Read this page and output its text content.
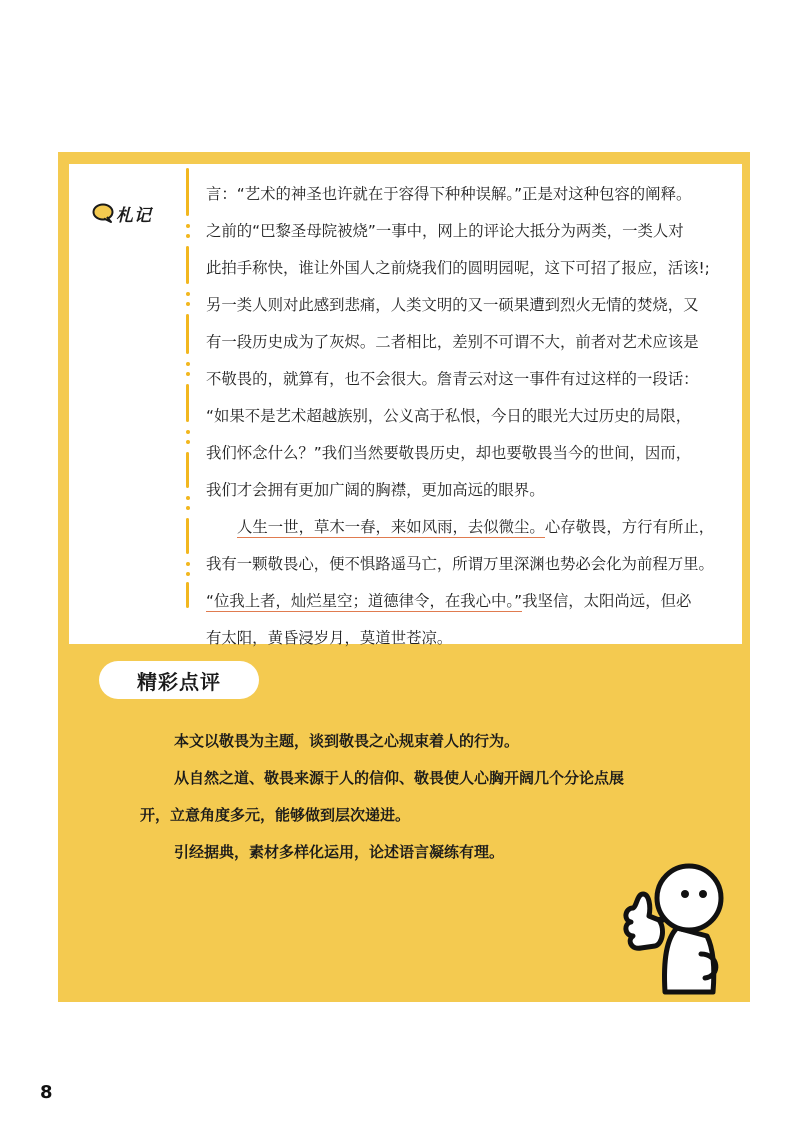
札记

言：“艺术的神圣也许就在于容得下种种误解。”正是对这种包容的阐释。

之前的“巴黎圣母院被烧”一事中，网上的评论大抵分为两类，一类人对

此拍手称快，谁让外国人之前烧我们的圆明园呢，这下可招了报应，活该!;

另一类人则对此感到悲痛，人类文明的又一硕果遭到烈火无情的焚烧，又

有一段历史成为了灰烬。二者相比，差别不可谓不大，前者对艺术应该是

不敬畏的，就算有，也不会很大。詹青云对这一事件有过这样的一段话：

“如果不是艺术超越族别，公义高于私恨，今日的眼光大过历史的局限，

我们怀念什么？”我们当然要敬畏历史，却也要敬畏当今的世间，因而，

我们才会拥有更加广阔的胸襟，更加高远的眼界。

人生一世，草木一春，来如风雨，去似微尘。心存敬畏，方行有所止，

我有一颗敬畏心，便不惧路遥马亡，所谓万里深渊也势必会化为前程万里。

“位我上者，灿烂星空；道德律令，在我心中。”我坚信，太阳尚远，但必

有太阳，黄昏浸岁月，莫道世苍凉。

精彩点评

本文以敬畏为主题，谈到敬畏之心规束着人的行为。

从自然之道、敬畏来源于人的信仰、敬畏使人心胸开阔几个分论点展

开，立意角度多元，能够做到层次递进。

引经据典，素材多样化运用，论述语言凝练有理。

8
